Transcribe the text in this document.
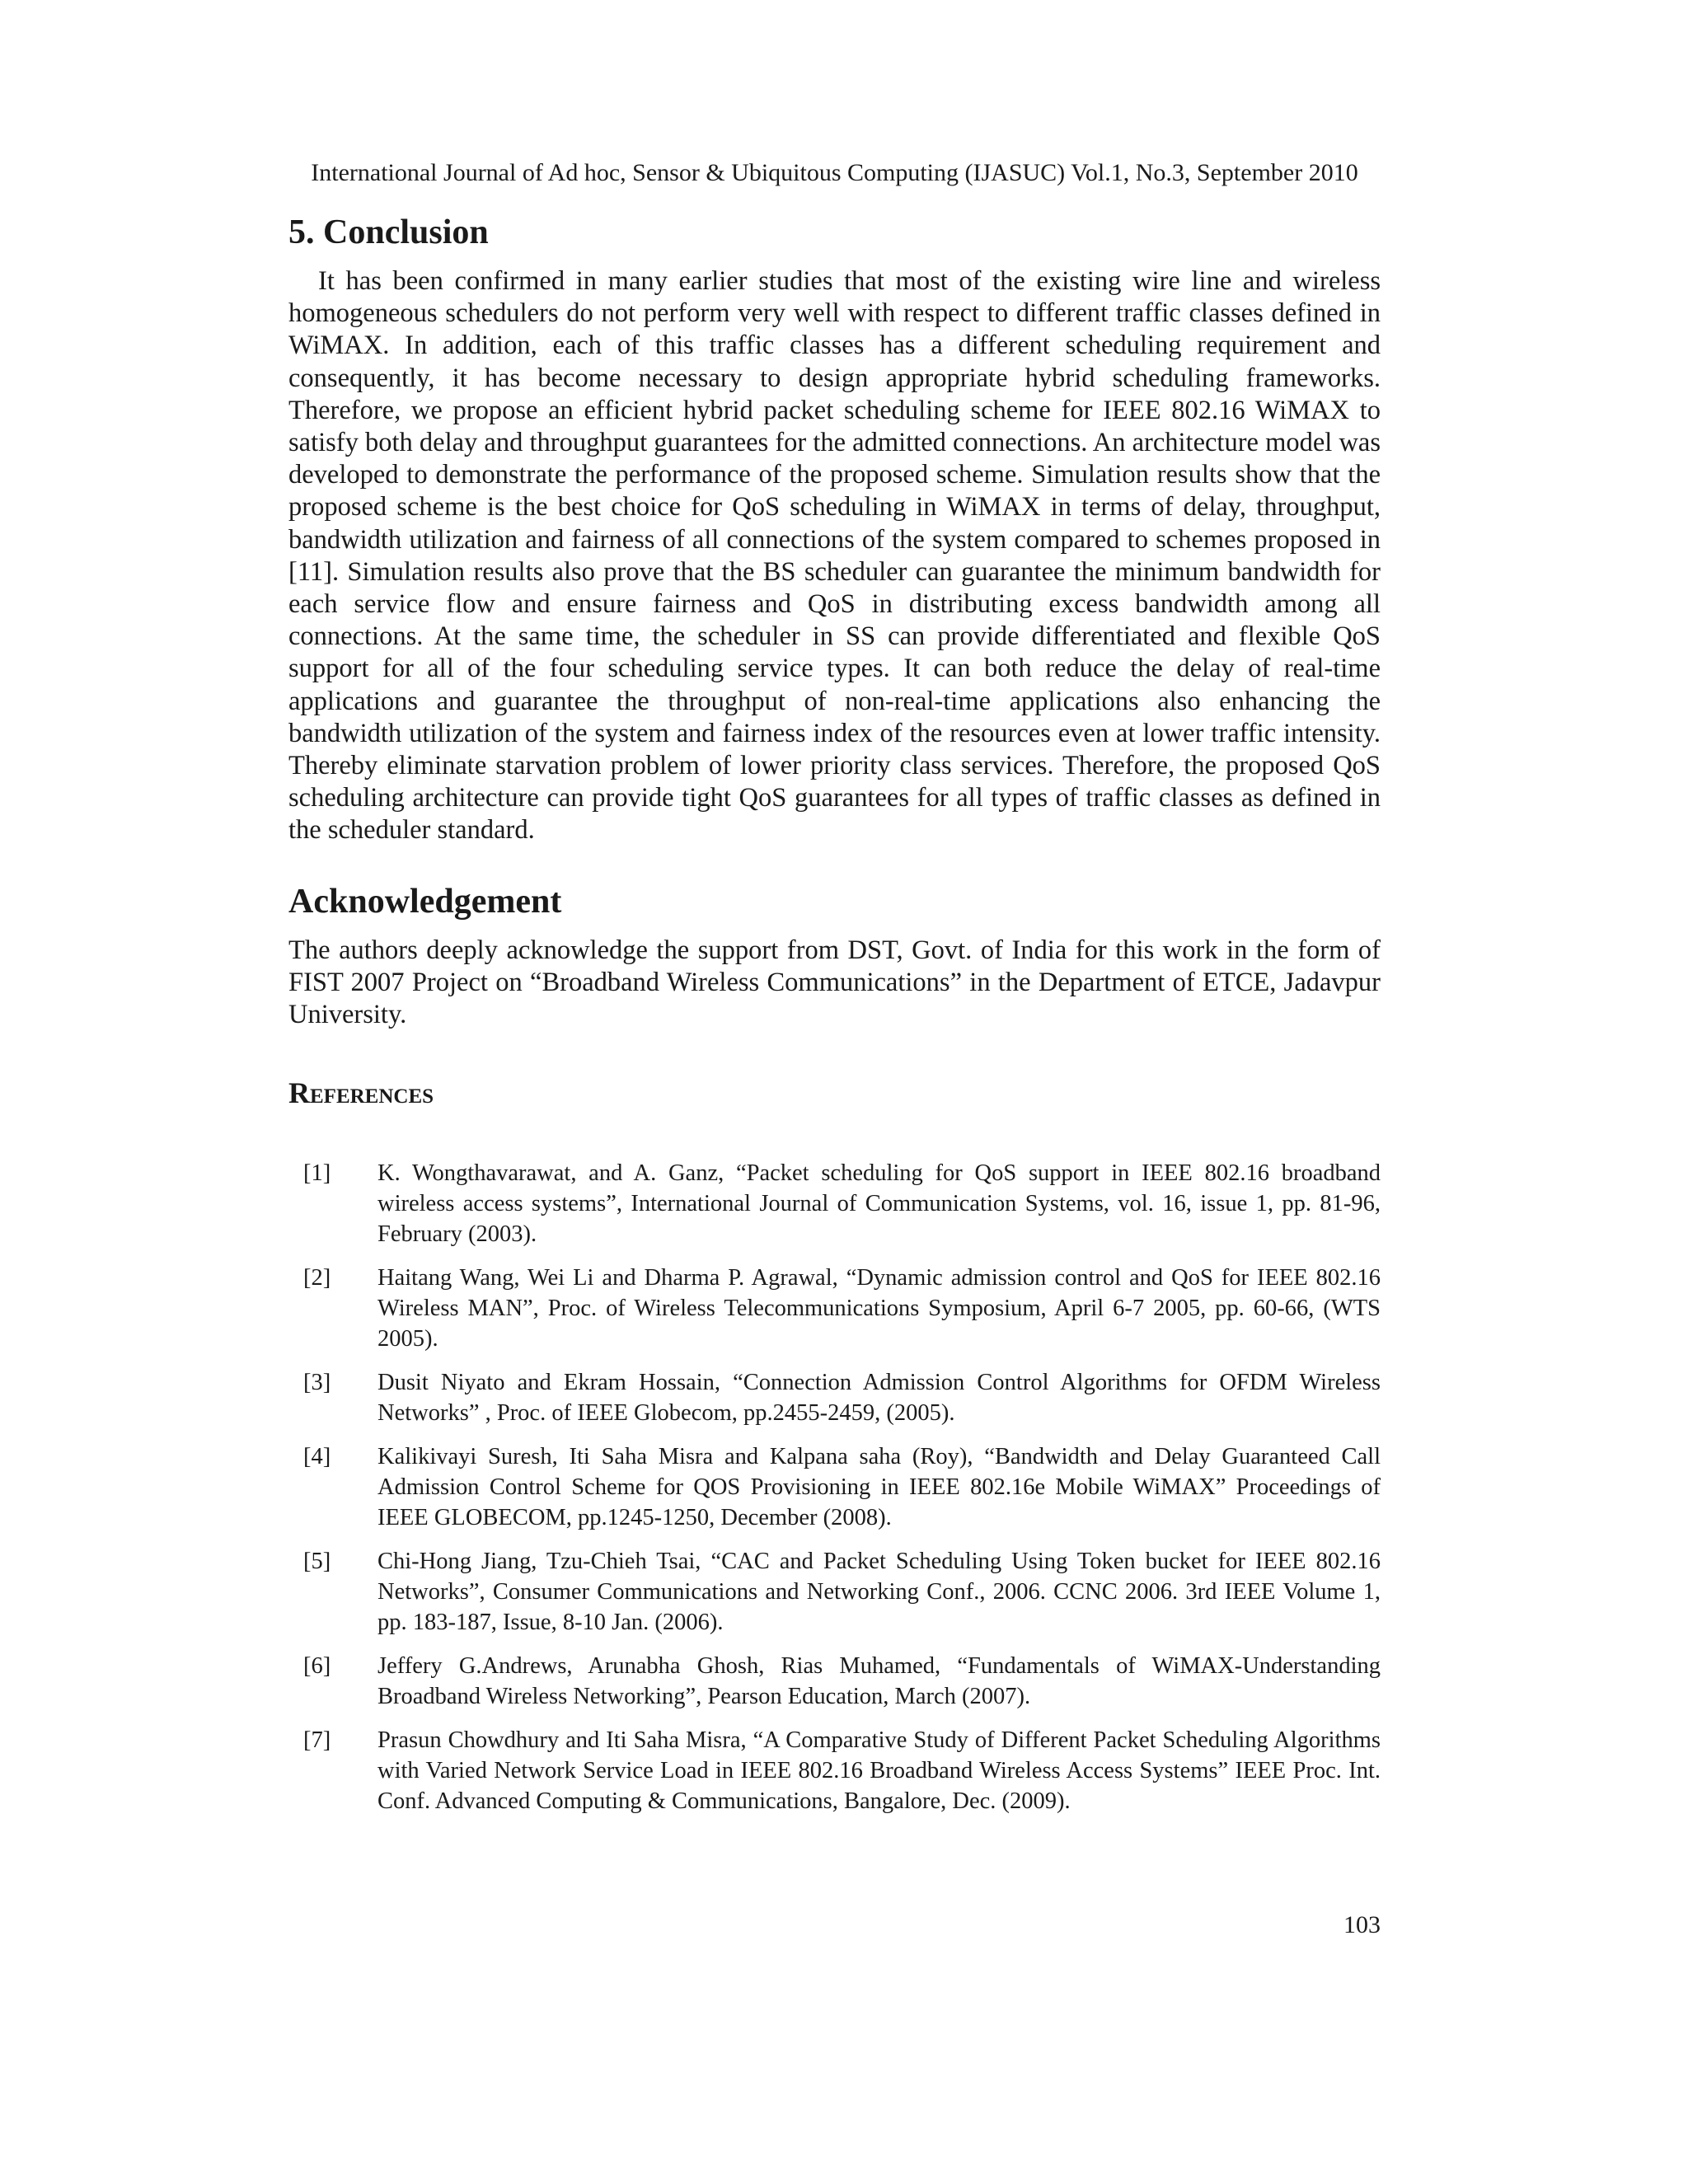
International Journal of Ad hoc, Sensor & Ubiquitous Computing (IJASUC) Vol.1, No.3, September 2010
5. Conclusion

It has been confirmed in many earlier studies that most of the existing wire line and wireless homogeneous schedulers do not perform very well with respect to different traffic classes defined in WiMAX. In addition, each of this traffic classes has a different scheduling requirement and consequently, it has become necessary to design appropriate hybrid scheduling frameworks. Therefore, we propose an efficient hybrid packet scheduling scheme for IEEE 802.16 WiMAX to satisfy both delay and throughput guarantees for the admitted connections. An architecture model was developed to demonstrate the performance of the proposed scheme. Simulation results show that the proposed scheme is the best choice for QoS scheduling in WiMAX in terms of delay, throughput, bandwidth utilization and fairness of all connections of the system compared to schemes proposed in [11]. Simulation results also prove that the BS scheduler can guarantee the minimum bandwidth for each service flow and ensure fairness and QoS in distributing excess bandwidth among all connections. At the same time, the scheduler in SS can provide differentiated and flexible QoS support for all of the four scheduling service types. It can both reduce the delay of real-time applications and guarantee the throughput of non-real-time applications also enhancing the bandwidth utilization of the system and fairness index of the resources even at lower traffic intensity. Thereby eliminate starvation problem of lower priority class services. Therefore, the proposed QoS scheduling architecture can provide tight QoS guarantees for all types of traffic classes as defined in the scheduler standard.

Acknowledgement

The authors deeply acknowledge the support from DST, Govt. of India for this work in the form of FIST 2007 Project on “Broadband Wireless Communications” in the Department of ETCE, Jadavpur University.

References
[1]	K. Wongthavarawat, and A. Ganz, “Packet scheduling for QoS support in IEEE 802.16 broadband wireless access systems”, International Journal of Communication Systems, vol. 16, issue 1, pp. 81-96, February (2003).
[2]	Haitang Wang, Wei Li and Dharma P. Agrawal, “Dynamic admission control and QoS for IEEE 802.16 Wireless MAN”, Proc. of Wireless Telecommunications Symposium, April 6-7 2005, pp. 60-66, (WTS 2005).
[3]	Dusit Niyato and Ekram Hossain, “Connection Admission Control Algorithms for OFDM Wireless Networks” , Proc. of IEEE Globecom, pp.2455-2459, (2005).
[4]	Kalikivayi Suresh, Iti Saha Misra and Kalpana saha (Roy), “Bandwidth and Delay Guaranteed Call Admission Control Scheme for QOS Provisioning in IEEE 802.16e Mobile WiMAX” Proceedings of IEEE GLOBECOM, pp.1245-1250, December (2008).
[5]	Chi-Hong Jiang, Tzu-Chieh Tsai, “CAC and Packet Scheduling Using Token bucket for IEEE 802.16 Networks”, Consumer Communications and Networking Conf., 2006. CCNC 2006. 3rd IEEE Volume 1, pp. 183-187, Issue, 8-10 Jan. (2006).
[6]	Jeffery G.Andrews, Arunabha Ghosh, Rias Muhamed, “Fundamentals of WiMAX-Understanding Broadband Wireless Networking”, Pearson Education, March (2007).
[7]	Prasun Chowdhury and Iti Saha Misra, “A Comparative Study of Different Packet Scheduling Algorithms with Varied Network Service Load in IEEE 802.16 Broadband Wireless Access Systems” IEEE Proc. Int. Conf. Advanced Computing & Communications, Bangalore, Dec. (2009).
103
